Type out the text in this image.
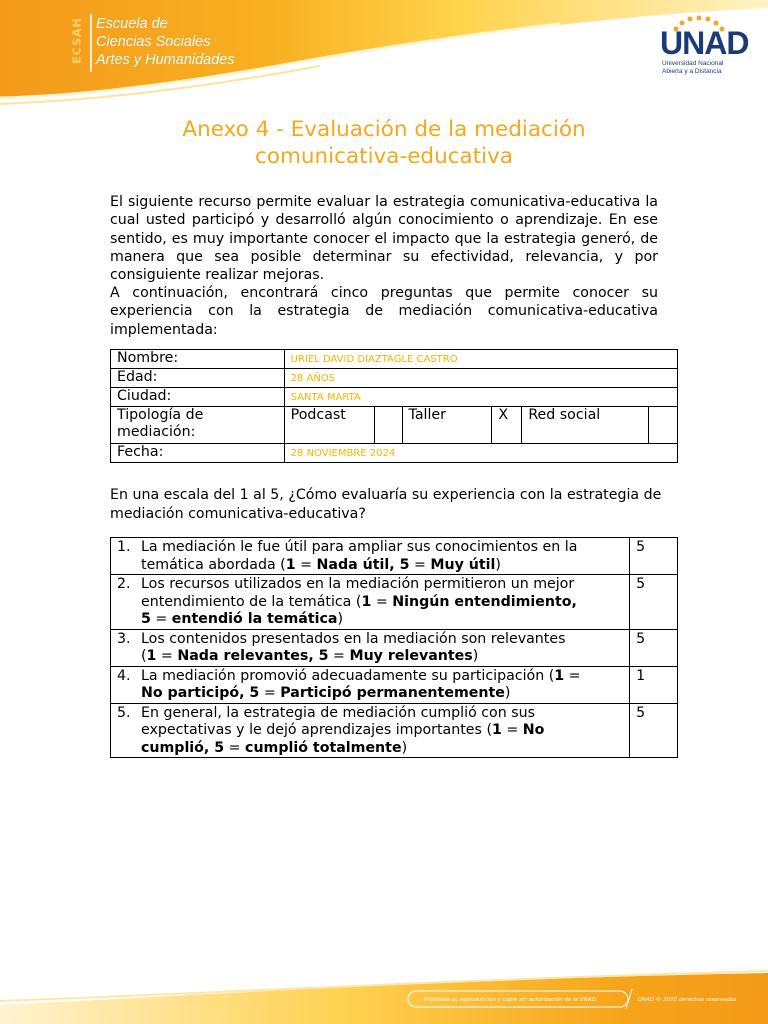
ECSAH Escuela de
Ciencias Sociales
Artes y Humanidades	UNAD
Universidad Nacional
Abierta y a Distancia
Anexo 4 - Evaluación de la mediación
comunicativa-educativa
El siguiente recurso permite evaluar la estrategia comunicativa-educativa la cual usted participó y desarrolló algún conocimiento o aprendizaje. En ese sentido, es muy importante conocer el impacto que la estrategia generó, de manera que sea posible determinar su efectividad, relevancia, y por consiguiente realizar mejoras.
A continuación, encontrará cinco preguntas que permite conocer su experiencia con la estrategia de mediación comunicativa-educativa implementada:
Nombre:	URIEL DAVID DIAZTAGLE CASTRO					
Edad:	28 AÑOS					
Ciudad:	SANTA MARTA					

Tipología de
mediación:	Podcast		Taller	X	Red social	
Fecha:	28 NOVIEMBRE 2024					
En una escala del 1 al 5, ¿Cómo evaluaría su experiencia con la estrategia de mediación comunicativa-educativa?
1. La mediación le fue útil para ampliar sus conocimientos en la
temática abordada (1 = Nada útil, 5 = Muy útil)	5

2. Los recursos utilizados en la mediación permitieron un mejor
entendimiento de la temática (1 = Ningún entendimiento,
5 = entendió la temática)	5

3. Los contenidos presentados en la mediación son relevantes
(1 = Nada relevantes, 5 = Muy relevantes)	5

4. La mediación promovió adecuadamente su participación (1 =
No participó, 5 = Participó permanentemente)	1

5. En general, la estrategia de mediación cumplió con sus
expectativas y le dejó aprendizajes importantes (1 = No
cumplió, 5 = cumplió totalmente)	5
Prohibida su reproducción y copia sin autorización de la UNAD.	UNAD © 2020 derechos reservados
